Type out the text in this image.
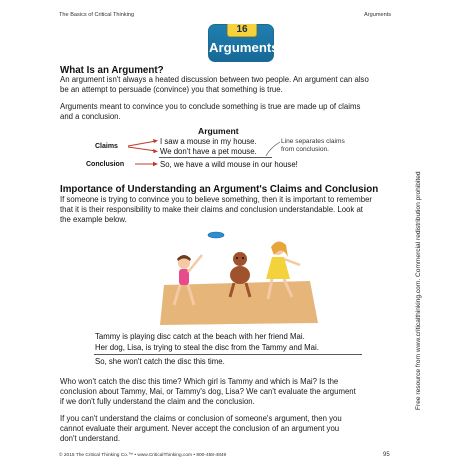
The Basics of Critical Thinking	Arguments
16
Arguments
What Is an Argument?
An argument isn't always a heated discussion between two people. An argument can also
be an attempt to persuade (convince) you that something is true.
Arguments meant to convince you to conclude something is true are made up of claims
and a conclusion.
Argument
Claims
Conclusion
I saw a mouse in my house.
We don't have a pet mouse.
So, we have a wild mouse in our house!
Line separates claims
from conclusion.
Importance of Understanding an Argument's Claims and Conclusion
If someone is trying to convince you to believe something, then it is important to remember
that it is their responsibility to make their claims and conclusion understandable. Look at
the example below.
Tammy is playing disc catch at the beach with her friend Mai.
Her dog, Lisa, is trying to steal the disc from the Tammy and Mai.
So, she won't catch the disc this time.
Who won't catch the disc this time? Which girl is Tammy and which is Mai? Is the
conclusion about Tammy, Mai, or Tammy's dog, Lisa? We can't evaluate the argument
if we don't fully understand the claim and the conclusion.
If you can't understand the claims or conclusion of someone's argument, then you
cannot evaluate their argument. Never accept the conclusion of an argument you
don't understand.
Free resource from www.criticalthinking.com. Commercial redistribution prohibited
© 2015 The Critical Thinking Co.™ • www.CriticalThinking.com • 800-458-4849	95
